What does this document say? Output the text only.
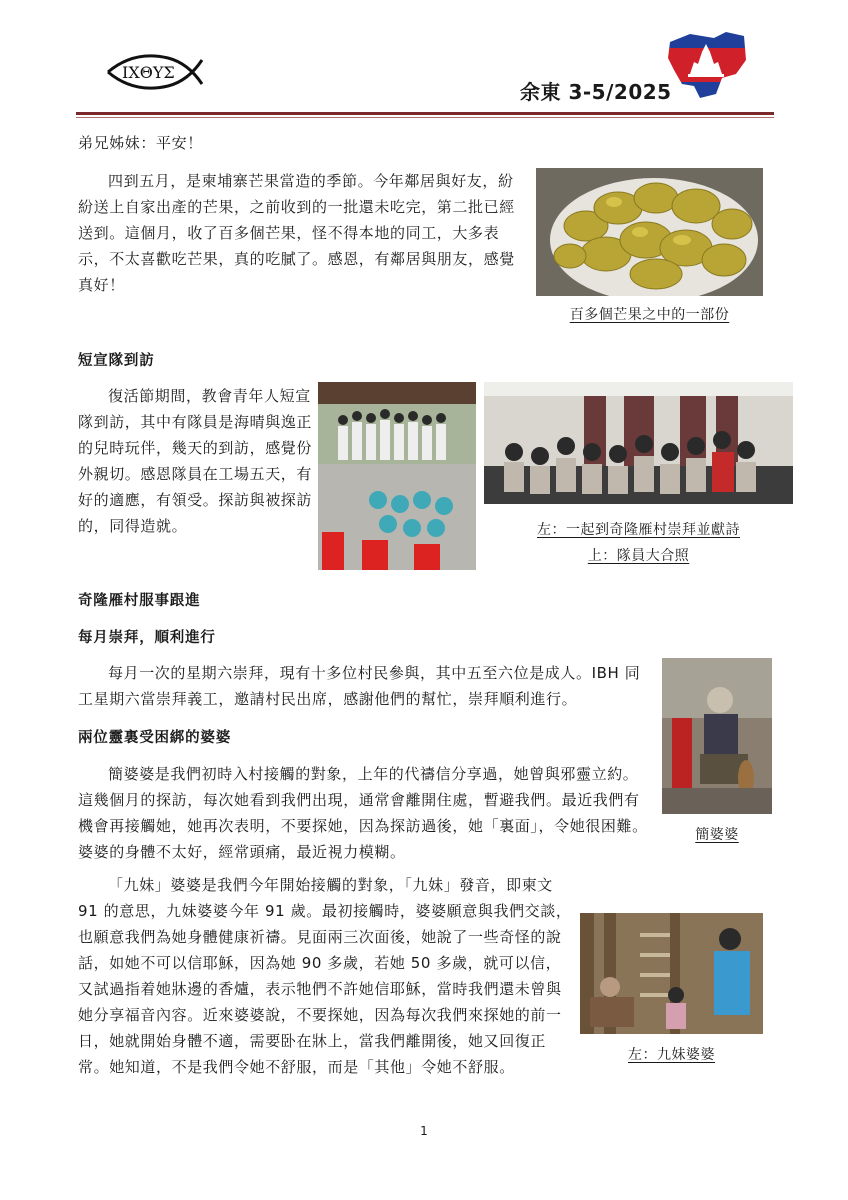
IXΘYΣ
余東 3-5/2025
弟兄姊妹：平安！

四到五月，是柬埔寨芒果當造的季節。今年鄰居與好友，紛紛送上自家出產的芒果，之前收到的一批還未吃完，第二批已經送到。這個月，收了百多個芒果，怪不得本地的同工，大多表示，不太喜歡吃芒果，真的吃膩了。感恩，有鄰居與朋友，感覺真好！

百多個芒果之中的一部份
短宣隊到訪

復活節期間，教會青年人短宣隊到訪，其中有隊員是海晴與逸正的兒時玩伴，幾天的到訪，感覺份外親切。感恩隊員在工場五天，有好的適應，有領受。探訪與被探訪的，同得造就。	左：一起到奇隆雁村崇拜並獻詩
上：隊員大合照
奇隆雁村服事跟進
每月崇拜，順利進行

每月一次的星期六崇拜，現有十多位村民參與，其中五至六位是成人。IBH 同工星期六當崇拜義工，邀請村民出席，感謝他們的幫忙，崇拜順利進行。

兩位靈裏受困綁的婆婆

簡婆婆是我們初時入村接觸的對象，上年的代禱信分享過，她曾與邪靈立約。這幾個月的探訪，每次她看到我們出現，通常會離開住處，暫避我們。最近我們有機會再接觸她，她再次表明，不要探她，因為探訪過後，她「裏面」，令她很困難。婆婆的身體不太好，經常頭痛，最近視力模糊。

簡婆婆

「九妹」婆婆是我們今年開始接觸的對象，「九妹」發音，即柬文 91 的意思，九妹婆婆今年 91 歲。最初接觸時，婆婆願意與我們交談，也願意我們為她身體健康祈禱。見面兩三次面後，她說了一些奇怪的說話，如她不可以信耶穌，因為她 90 多歲，若她 50 多歲，就可以信，又試過指着她牀邊的香爐，表示牠們不許她信耶穌，當時我們還未曾與她分享福音內容。近來婆婆說，不要探她，因為每次我們來探她的前一日，她就開始身體不適，需要卧在牀上，當我們離開後，她又回復正常。她知道，不是我們令她不舒服，而是「其他」令她不舒服。

左：九妹婆婆
1
